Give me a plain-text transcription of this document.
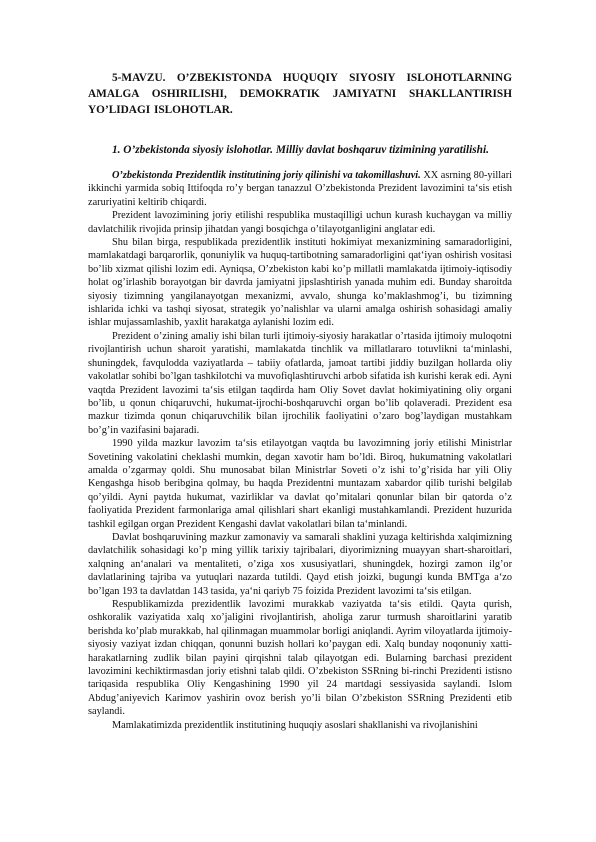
5-MAVZU. O’ZBEKISTONDA HUQUQIY SIYOSIY ISLOHOTLARNING AMALGA OSHIRILISHI, DEMOKRATIK JAMIYATNI SHAKLLANTIRISH YO’LIDAGI ISLOHOTLAR.

1. O’zbekistonda siyosiy islohotlar. Milliy davlat boshqaruv tizimining yaratilishi.

O’zbekistonda Prezidentlik institutining joriy qilinishi va takomillashuvi. XX asrning 80-yillari ikkinchi yarmida sobiq Ittifoqda ro’y bergan tanazzul O’zbekistonda Prezident lavozimini ta‘sis etish zaruriyatini keltirib chiqardi.

Prezident lavozimining joriy etilishi respublika mustaqilligi uchun kurash kuchaygan va milliy davlatchilik rivojida prinsip jihatdan yangi bosqichga o’tilayotganligini anglatar edi.

Shu bilan birga, respublikada prezidentlik instituti hokimiyat mexanizmining samaradorligini, mamlakatdagi barqarorlik, qonuniylik va huquq-tartibotning samaradorligini qat‘iyan oshirish vositasi bo’lib xizmat qilishi lozim edi. Ayniqsa, O’zbekiston kabi ko’p millatli mamlakatda ijtimoiy-iqtisodiy holat og’irlashib borayotgan bir davrda jamiyatni jipslashtirish yanada muhim edi. Bunday sharoitda siyosiy tizimning yangilanayotgan mexanizmi, avvalo, shunga ko’maklashmog’i, bu tizimning ishlarida ichki va tashqi siyosat, strategik yo’nalishlar va ularni amalga oshirish sohasidagi amaliy ishlar mujassamlashib, yaxlit harakatga aylanishi lozim edi.

Prezident o’zining amaliy ishi bilan turli ijtimoiy-siyosiy harakatlar o’rtasida ijtimoiy muloqotni rivojlantirish uchun sharoit yaratishi, mamlakatda tinchlik va millatlararo totuvlikni ta‘minlashi, shuningdek, favqulodda vaziyatlarda – tabiiy ofatlarda, jamoat tartibi jiddiy buzilgan hollarda oliy vakolatlar sohibi bo’lgan tashkilotchi va muvofiqlashtiruvchi arbob sifatida ish kurishi kerak edi. Ayni vaqtda Prezident lavozimi ta‘sis etilgan taqdirda ham Oliy Sovet davlat hokimiyatining oliy organi bo’lib, u qonun chiqaruvchi, hukumat-ijrochi-boshqaruvchi organ bo’lib qolaveradi. Prezident esa mazkur tizimda qonun chiqaruvchilik bilan ijrochilik faoliyatini o’zaro bog’laydigan mustahkam bo’g’in vazifasini bajaradi.

1990 yilda mazkur lavozim ta‘sis etilayotgan vaqtda bu lavozimning joriy etilishi Ministrlar Sovetining vakolatini cheklashi mumkin, degan xavotir ham bo’ldi. Biroq, hukumatning vakolatlari amalda o’zgarmay qoldi. Shu munosabat bilan Ministrlar Soveti o’z ishi to’g’risida har yili Oliy Kengashga hisob beribgina qolmay, bu haqda Prezidentni muntazam xabardor qilib turishi belgilab qo’yildi. Ayni paytda hukumat, vazirliklar va davlat qo’mitalari qonunlar bilan bir qatorda o’z faoliyatida Prezident farmonlariga amal qilishlari shart ekanligi mustahkamlandi. Prezident huzurida tashkil egilgan organ Prezident Kengashi davlat vakolatlari bilan ta‘minlandi.

Davlat boshqaruvining mazkur zamonaviy va samarali shaklini yuzaga keltirishda xalqimizning davlatchilik sohasidagi ko’p ming yillik tarixiy tajribalari, diyorimizning muayyan shart-sharoitlari, xalqning an‘analari va mentaliteti, o’ziga xos xususiyatlari, shuningdek, hozirgi zamon ilg’or davlatlarining tajriba va yutuqlari nazarda tutildi. Qayd etish joizki, bugungi kunda BMTga a‘zo bo’lgan 193 ta davlatdan 143 tasida, ya‘ni qariyb 75 foizida Prezident lavozimi ta‘sis etilgan.

Respublikamizda prezidentlik lavozimi murakkab vaziyatda ta‘sis etildi. Qayta qurish, oshkoralik vaziyatida xalq xo’jaligini rivojlantirish, aholiga zarur turmush sharoitlarini yaratib berishda ko’plab murakkab, hal qilinmagan muammolar borligi aniqlandi. Ayrim viloyatlarda ijtimoiy-siyosiy vaziyat izdan chiqqan, qonunni buzish hollari ko’paygan edi. Xalq bunday noqonuniy xatti-harakatlarning zudlik bilan payini qirqishni talab qilayotgan edi. Bularning barchasi prezident lavozimini kechiktirmasdan joriy etishni talab qildi. O’zbekiston SSRning bi-rinchi Prezidenti istisno tariqasida respublika Oliy Kengashining 1990 yil 24 martdagi sessiyasida saylandi. Islom Abdug’aniyevich Karimov yashirin ovoz berish yo’li bilan O’zbekiston SSRning Prezidenti etib saylandi.

Mamlakatimizda prezidentlik institutining huquqiy asoslari shakllanishi va rivojlanishini
